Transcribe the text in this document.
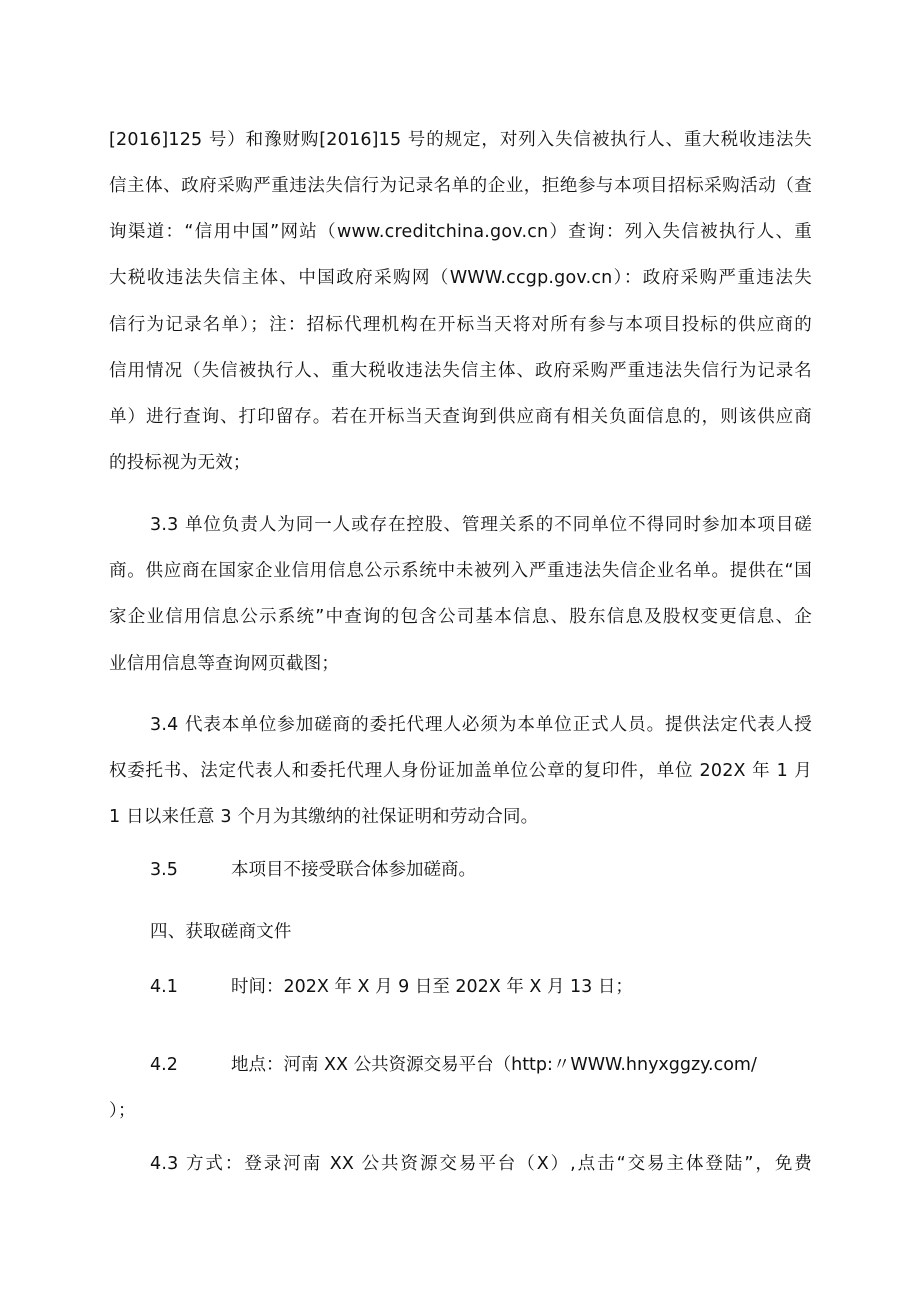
[2016]125 号）和豫财购[2016]15 号的规定，对列入失信被执行人、重大税收违法失
信主体、政府采购严重违法失信行为记录名单的企业，拒绝参与本项目招标采购活动（查
询渠道：“信用中国”网站（www.creditchina.gov.cn）查询：列入失信被执行人、重
大税收违法失信主体、中国政府采购网（WWW.ccgp.gov.cn）：政府采购严重违法失
信行为记录名单）；注：招标代理机构在开标当天将对所有参与本项目投标的供应商的
信用情况（失信被执行人、重大税收违法失信主体、政府采购严重违法失信行为记录名
单）进行查询、打印留存。若在开标当天查询到供应商有相关负面信息的，则该供应商
的投标视为无效；
3.3 单位负责人为同一人或存在控股、管理关系的不同单位不得同时参加本项目磋
商。供应商在国家企业信用信息公示系统中未被列入严重违法失信企业名单。提供在“国
家企业信用信息公示系统”中查询的包含公司基本信息、股东信息及股权变更信息、企
业信用信息等查询网页截图；
3.4 代表本单位参加磋商的委托代理人必须为本单位正式人员。提供法定代表人授
权委托书、法定代表人和委托代理人身份证加盖单位公章的复印件，单位 202X 年 1 月
1 日以来任意 3 个月为其缴纳的社保证明和劳动合同。
3.5	本项目不接受联合体参加磋商。
四、获取磋商文件
4.1	时间：202X 年 X 月 9 日至 202X 年 X 月 13 日；
4.2	地点：河南 XX 公共资源交易平台（http:〃WWW.hnyxggzy.com/
）；
4.3 方式：登录河南 XX 公共资源交易平台（X）,点击“交易主体登陆”，免费
